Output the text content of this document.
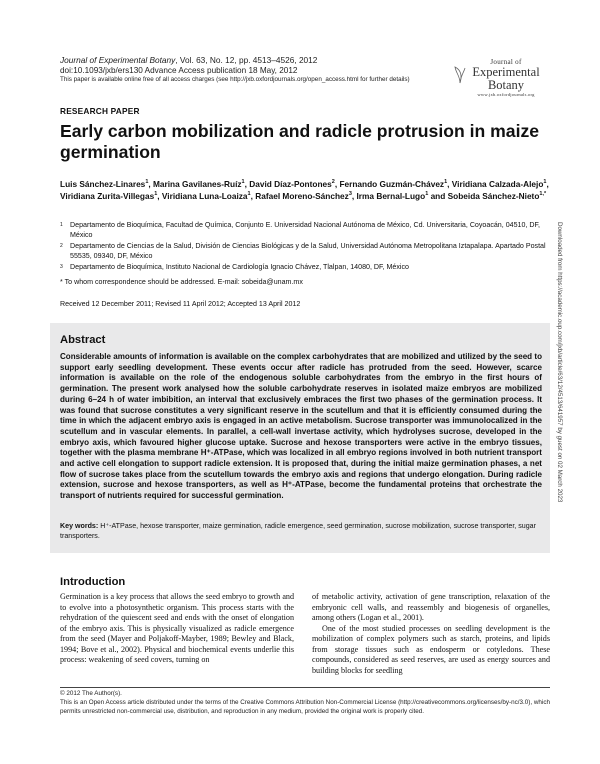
Journal of Experimental Botany, Vol. 63, No. 12, pp. 4513–4526, 2012
doi:10.1093/jxb/ers130 Advance Access publication 18 May, 2012
This paper is available online free of all access charges (see http://jxb.oxfordjournals.org/open_access.html for further details)
Journal of
Experimental
Botany
www.jxb.oxfordjournals.org
RESEARCH PAPER
Early carbon mobilization and radicle protrusion in maize germination
Luis Sánchez-Linares$^1$, Marina Gavilanes-Ruíz$^1$, David Díaz-Pontones$^2$, Fernando Guzmán-Chávez$^1$, Viridiana Calzada-Alejo$^1$, Viridiana Zurita-Villegas$^1$, Viridiana Luna-Loaiza$^1$, Rafael Moreno-Sánchez$^3$, Irma Bernal-Lugo$^1$ and Sobeida Sánchez-Nieto$^{1,*}$
1 Departamento de Bioquímica, Facultad de Química, Conjunto E. Universidad Nacional Autónoma de México, Cd. Universitaria, Coyoacán, 04510, DF, México
2 Departamento de Ciencias de la Salud, División de Ciencias Biológicas y de la Salud, Universidad Autónoma Metropolitana Iztapalapa. Apartado Postal 55535, 09340, DF, México
3 Departamento de Bioquímica, Instituto Nacional de Cardiología Ignacio Chávez, Tlalpan, 14080, DF, México
* To whom correspondence should be addressed. E-mail: sobeida@unam.mx
Received 12 December 2011; Revised 11 April 2012; Accepted 13 April 2012
Abstract
Considerable amounts of information is available on the complex carbohydrates that are mobilized and utilized by the seed to support early seedling development. These events occur after radicle has protruded from the seed. However, scarce information is available on the role of the endogenous soluble carbohydrates from the embryo in the first hours of germination. The present work analysed how the soluble carbohydrate reserves in isolated maize embryos are mobilized during 6–24 h of water imbibition, an interval that exclusively embraces the first two phases of the germination process. It was found that sucrose constitutes a very significant reserve in the scutellum and that it is efficiently consumed during the time in which the adjacent embryo axis is engaged in an active metabolism. Sucrose transporter was immunolocalized in the scutellum and in vascular elements. In parallel, a cell-wall invertase activity, which hydrolyses sucrose, developed in the embryo axis, which favoured higher glucose uptake. Sucrose and hexose transporters were active in the embryo tissues, together with the plasma membrane H⁺-ATPase, which was localized in all embryo regions involved in both nutrient transport and active cell elongation to support radicle extension. It is proposed that, during the initial maize germination phases, a net flow of sucrose takes place from the scutellum towards the embryo axis and regions that undergo elongation. During radicle extension, sucrose and hexose transporters, as well as H⁺-ATPase, become the fundamental proteins that orchestrate the transport of nutrients required for successful germination.
Key words: H⁺-ATPase, hexose transporter, maize germination, radicle emergence, seed germination, sucrose mobilization, sucrose transporter, sugar transporters.
Introduction

Germination is a key process that allows the seed embryo to growth and to evolve into a photosynthetic organism. This process starts with the rehydration of the quiescent seed and ends with the onset of elongation of the embryo axis. This is physically visualized as radicle emergence from the seed (Mayer and Poljakoff-Mayber, 1989; Bewley and Black, 1994; Bove et al., 2002). Physical and biochemical events underlie this process: weakening of seed covers, turning on

of metabolic activity, activation of gene transcription, relaxation of the embryonic cell walls, and reassembly and biogenesis of organelles, among others (Logan et al., 2001).

One of the most studied processes on seedling development is the mobilization of complex polymers such as starch, proteins, and lipids from storage tissues such as endosperm or cotyledons. These compounds, considered as seed reserves, are used as energy sources and building blocks for seedling

© 2012 The Author(s).
This is an Open Access article distributed under the terms of the Creative Commons Attribution Non-Commercial License (http://creativecommons.org/licenses/by-nc/3.0), which permits unrestricted non-commercial use, distribution, and reproduction in any medium, provided the original work is properly cited.
Downloaded from https://academic.oup.com/jxb/article/63/12/4513/641957 by guest on 02 March 2023
